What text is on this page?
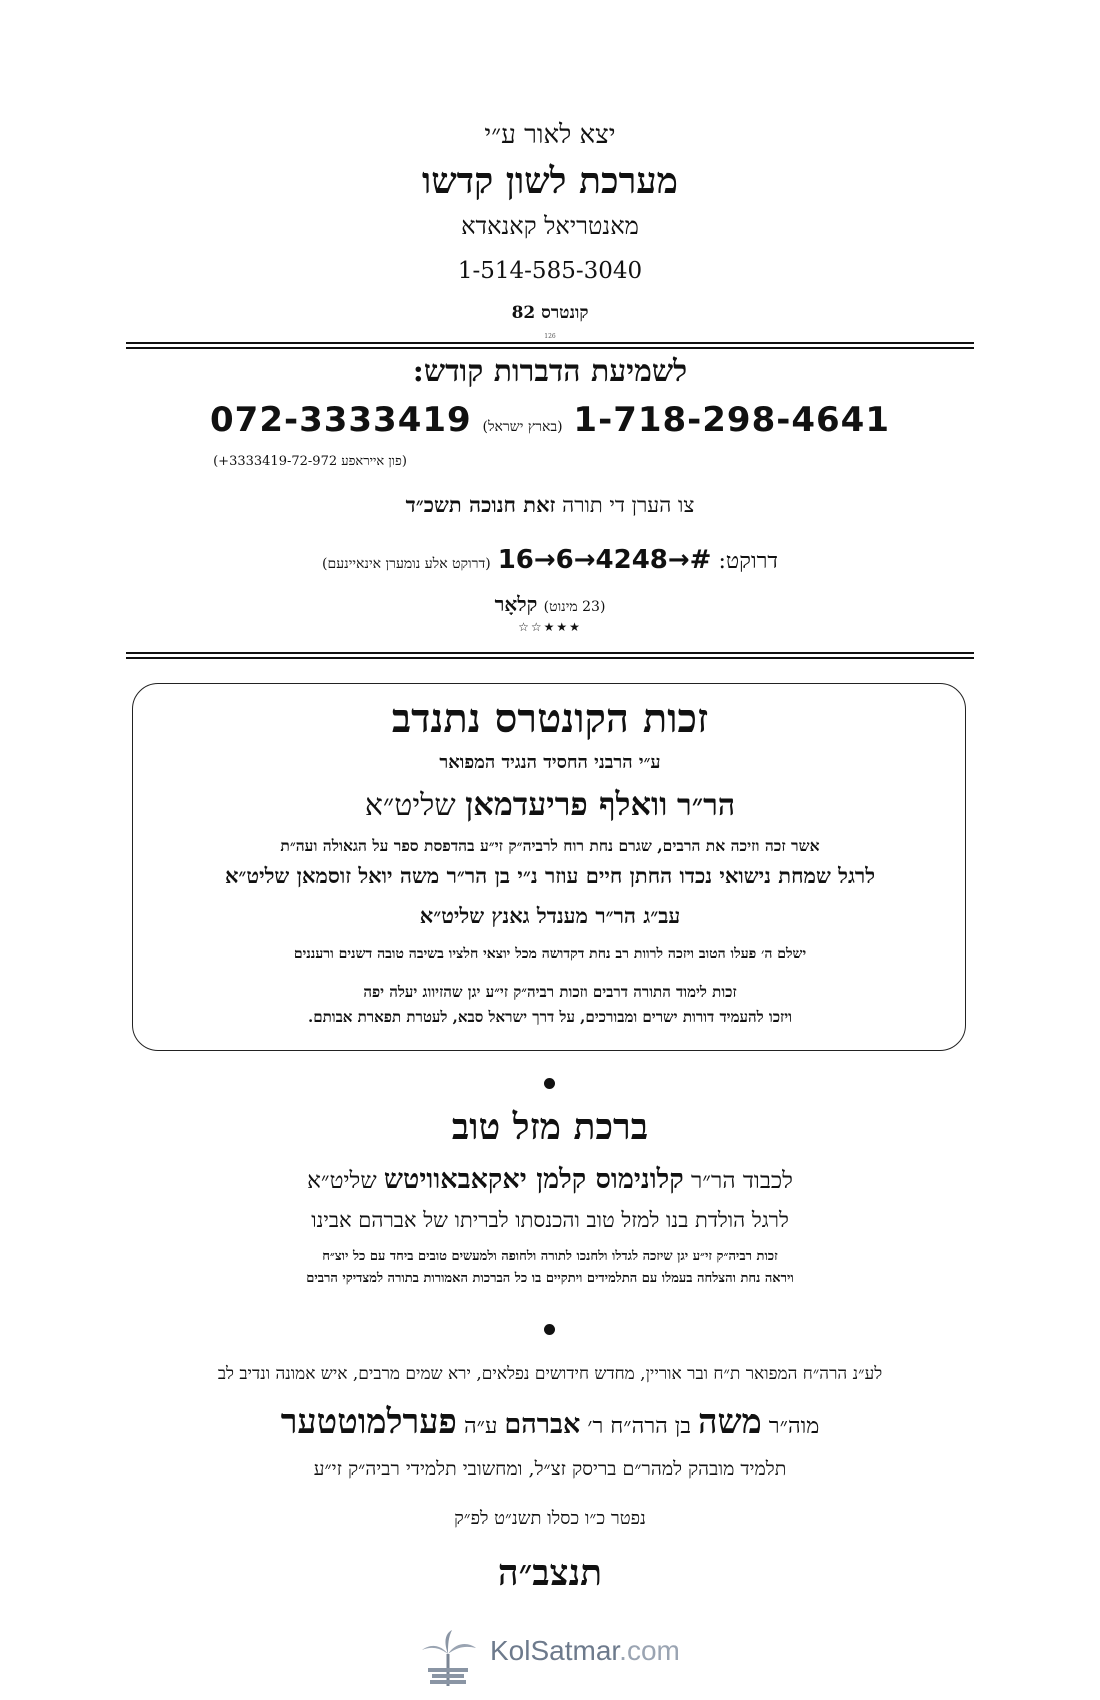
יצא לאור ע״י
מערכת לשון קדשו
מאנטריאל קאנאדא
1-514-585-3040
קונטרס 82
126
לשמיעת הדברות קודש:
1-718-298-4641 (בארץ ישראל) 072-3333419
(פון אייראפע 3333419-72-972+)
צו הערן די תורה זאת חנוכה תשכ״ד
דרוקט: 16→6→4248→# (דרוקט אלע נומערן אינאיינעם)
(23 מינוט) קלאָר
★★★☆☆
זכות הקונטרס נתנדב
ע״י הרבני החסיד הנגיד המפואר
הר״ר וואלף פריעדמאן שליט״א
אשר זכה וזיכה את הרבים, שגרם נחת רוח לרביה״ק זי״ע בהדפסת ספר על הגאולה ועה״ת
לרגל שמחת נישואי נכדו החתן חיים עוזר נ״י בן הר״ר משה יואל זוסמאן שליט״א
עב״ג הר״ר מענדל גאנץ שליט״א
ישלם ה׳ פעלו הטוב ויזכה לרוות רב נחת דקדושה מכל יוצאי חלציו בשיבה טובה דשנים ורעננים
זכות לימוד התורה דרבים וזכות רביה״ק זי״ע יגן שהזיווג יעלה יפה
ויזכו להעמיד דורות ישרים ומבורכים, על דרך ישראל סבא, לעטרת תפארת אבותם.
ברכת מזל טוב
לכבוד הר״ר קלונימוס קלמן יאקאבאוויטש שליט״א
לרגל הולדת בנו למזל טוב והכנסתו לבריתו של אברהם אבינו
זכות רביה״ק זי״ע יגן שיזכה לגדלו ולחנכו לתורה ולחופה ולמעשים טובים ביחד עם כל יוצ״ח
ויראה נחת והצלחה בעמלו עם התלמידים ויתקיים בו כל הברכות האמורות בתורה למצדיקי הרבים
לע״נ הרה״ח המפואר ת״ח ובר אוריין, מחדש חידושים נפלאים, ירא שמים מרבים, איש אמונה ונדיב לב
מוה״ר משה בן הרה״ח ר׳ אברהם ע״ה פערלמוטטער
תלמיד מובהק למהר״ם בריסק זצ״ל, ומחשובי תלמידי רביה״ק זי״ע
נפטר כ״ו כסלו תשנ״ט לפ״ק
תנצב״ה
KolSatmar.com
